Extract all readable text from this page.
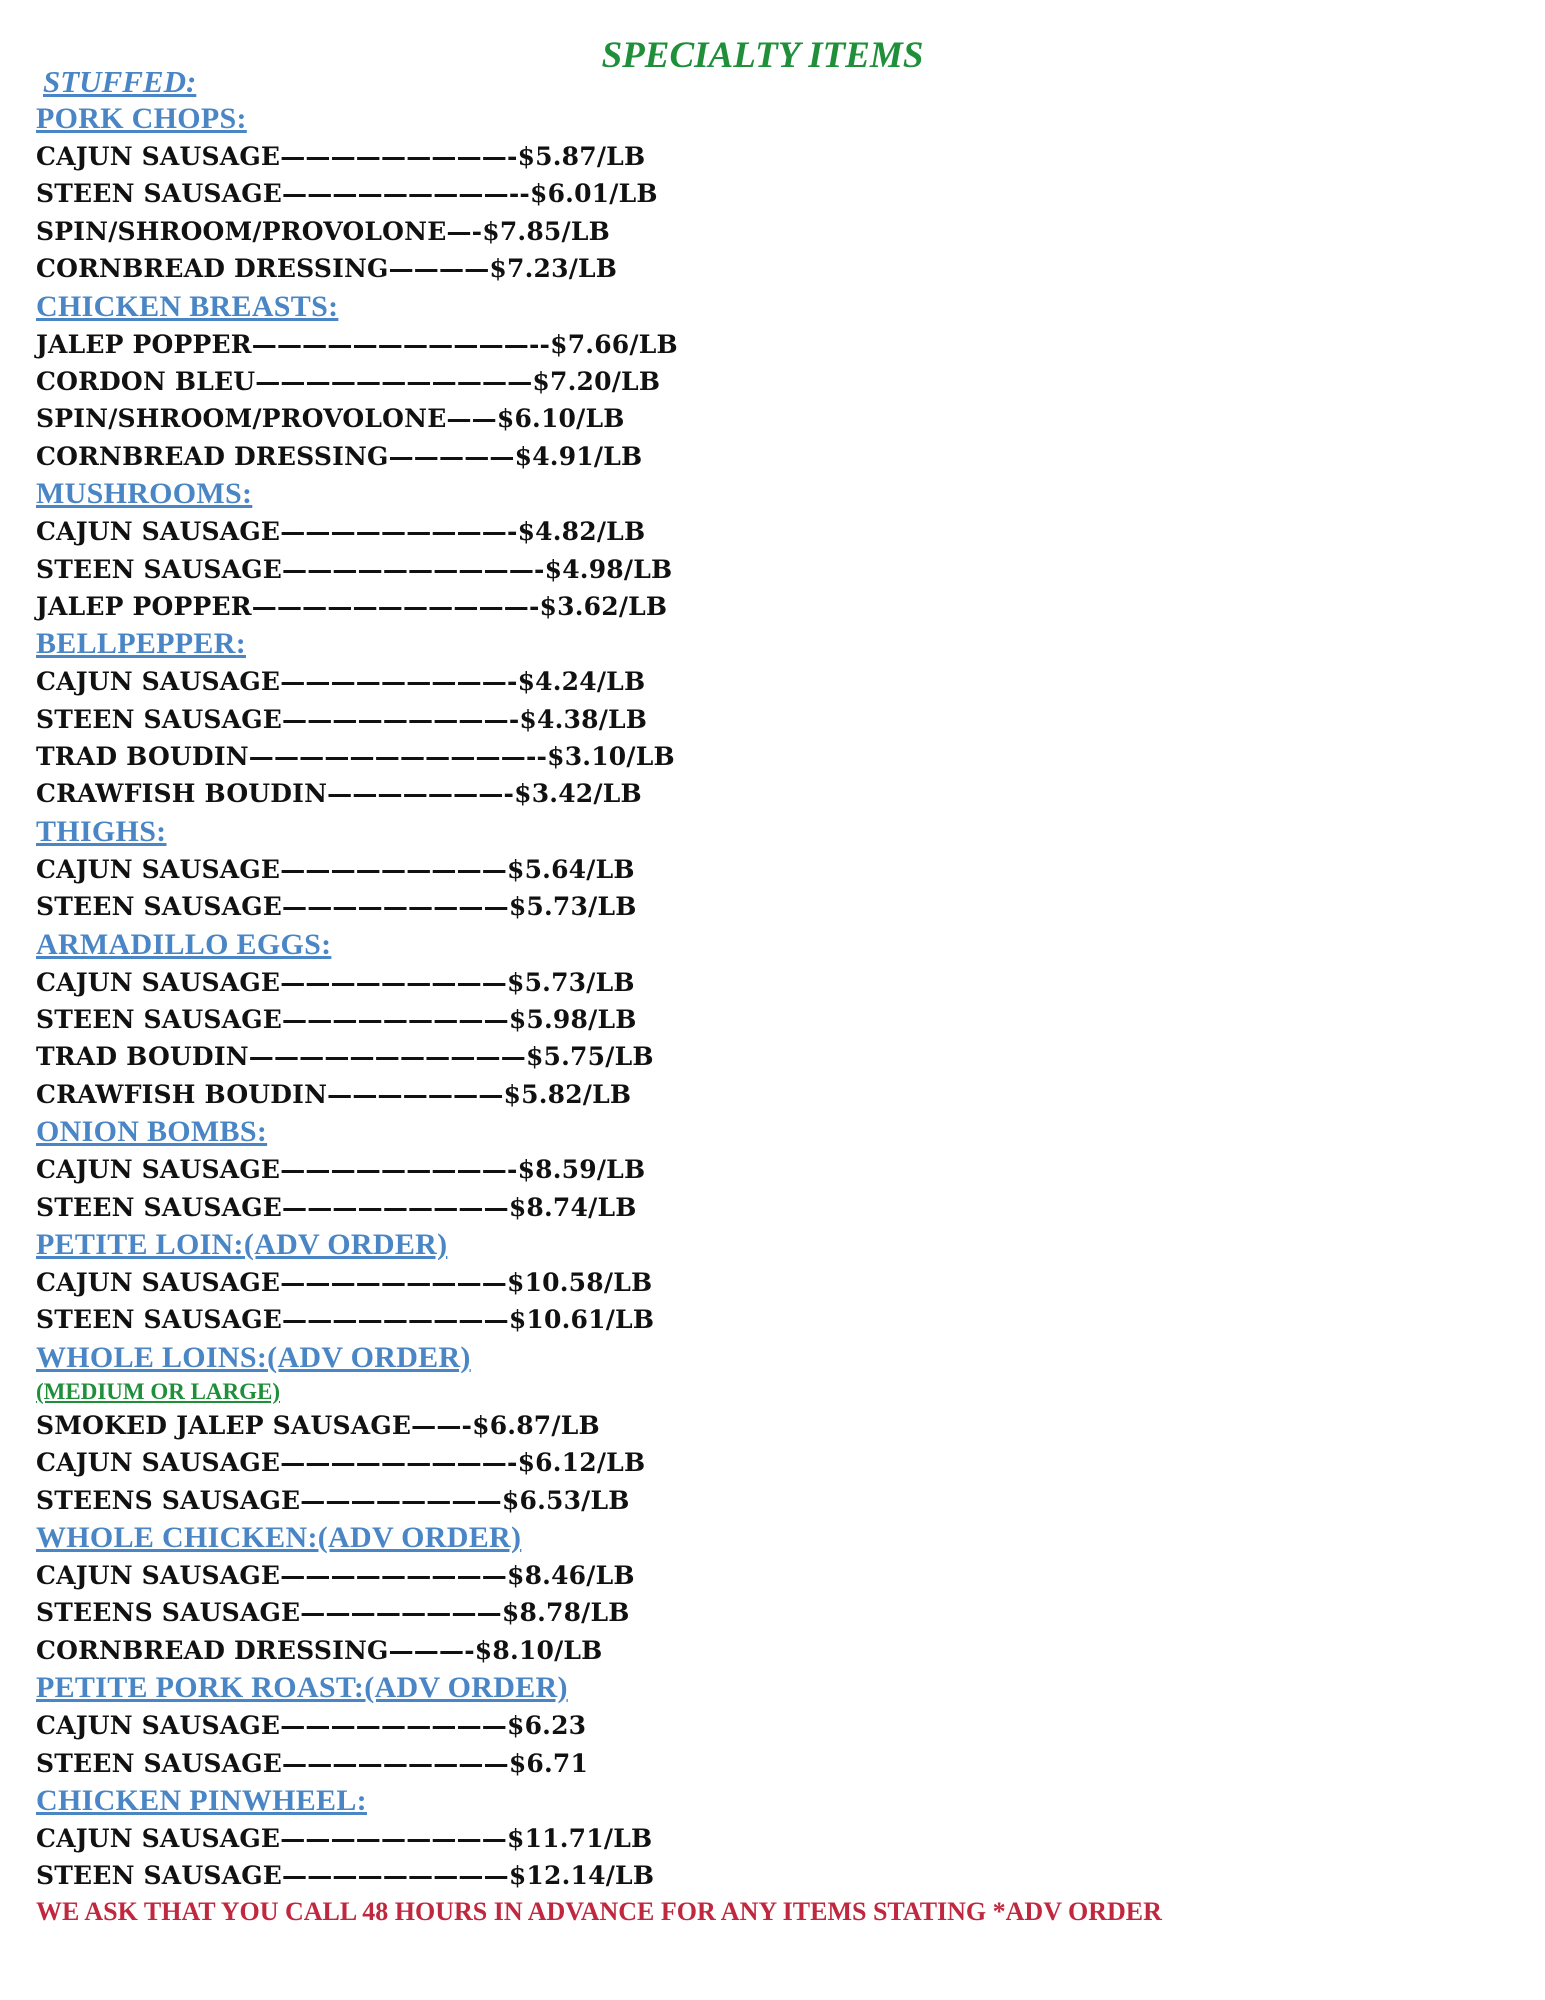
SPECIALTY ITEMS
STUFFED:
PORK CHOPS:
CAJUN SAUSAGE—————————-$5.87/LB
STEEN SAUSAGE—————————--$6.01/LB
SPIN/SHROOM/PROVOLONE—-$7.85/LB
CORNBREAD DRESSING————$7.23/LB
CHICKEN BREASTS:
JALEP POPPER———————————--$7.66/LB
CORDON BLEU———————————$7.20/LB
SPIN/SHROOM/PROVOLONE——$6.10/LB
CORNBREAD DRESSING—————$4.91/LB
MUSHROOMS:
CAJUN SAUSAGE—————————-$4.82/LB
STEEN SAUSAGE——————————-$4.98/LB
JALEP POPPER———————————-$3.62/LB
BELLPEPPER:
CAJUN SAUSAGE—————————-$4.24/LB
STEEN SAUSAGE—————————-$4.38/LB
TRAD BOUDIN———————————--$3.10/LB
CRAWFISH BOUDIN———————-$3.42/LB
THIGHS:
CAJUN SAUSAGE—————————$5.64/LB
STEEN SAUSAGE—————————$5.73/LB
ARMADILLO EGGS:
CAJUN SAUSAGE—————————$5.73/LB
STEEN SAUSAGE—————————$5.98/LB
TRAD BOUDIN———————————$5.75/LB
CRAWFISH BOUDIN———————$5.82/LB
ONION BOMBS:
CAJUN SAUSAGE—————————-$8.59/LB
STEEN SAUSAGE—————————$8.74/LB
PETITE LOIN:(ADV ORDER)
CAJUN SAUSAGE—————————$10.58/LB
STEEN SAUSAGE—————————$10.61/LB
WHOLE LOINS:(ADV ORDER)
(MEDIUM OR LARGE)
SMOKED JALEP SAUSAGE——-$6.87/LB
CAJUN SAUSAGE—————————-$6.12/LB
STEENS SAUSAGE————————$6.53/LB
WHOLE CHICKEN:(ADV ORDER)
CAJUN SAUSAGE—————————$8.46/LB
STEENS SAUSAGE————————$8.78/LB
CORNBREAD DRESSING———-$8.10/LB
PETITE PORK ROAST:(ADV ORDER)
CAJUN SAUSAGE—————————$6.23
STEEN SAUSAGE—————————$6.71
CHICKEN PINWHEEL:
CAJUN SAUSAGE—————————$11.71/LB
STEEN SAUSAGE—————————$12.14/LB
WE ASK THAT YOU CALL 48 HOURS IN ADVANCE FOR ANY ITEMS STATING *ADV ORDER
